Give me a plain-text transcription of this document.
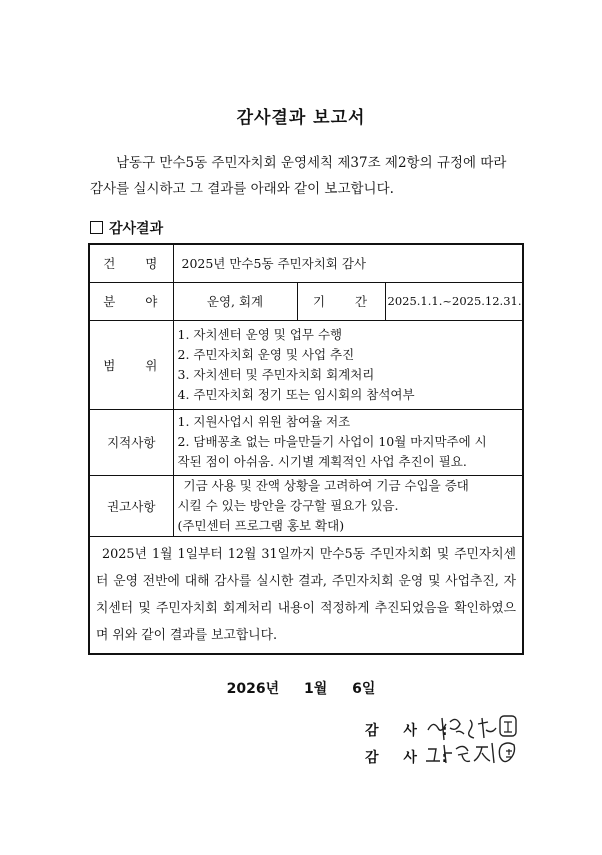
감사결과 보고서
남동구 만수5동 주민자치회 운영세칙 제37조 제2항의 규정에 따라
감사를 실시하고 그 결과를 아래와 같이 보고합니다.
감사결과
건 명	2025년 만수5동 주민자치회 감사		
분 야	운영, 회계	기 간	2025.1.1.~2025.12.31.
범 위	1. 자치센터 운영 및 업무 수행
2. 주민자치회 운영 및 사업 추진
3. 자치센터 및 주민자치회 회계처리
4. 주민자치회 정기 또는 임시회의 참석여부		

지적사항	1. 지원사업시 위원 참여율 저조
2. 담배꽁초 없는 마을만들기 사업이 10월 마지막주에 시
작된 점이 아쉬움. 시기별 계획적인 사업 추진이 필요.		

권고사항	기금 사용 및 잔액 상황을 고려하여 기금 수입을 증대
시킬 수 있는 방안을 강구할 필요가 있음.
(주민센터 프로그램 홍보 확대)		

2025년 1월 1일부터 12월 31일까지 만수5동 주민자치회 및 주민자치센터 운영 전반에 대해 감사를 실시한 결과, 주민자치회 운영 및 사업추진, 자치센터 및 주민자치회 회계처리 내용이 적정하게 추진되었음을 확인하였으며 위와 같이 결과를 보고합니다.			
2026년 1월 6일
감 사 :
감 사 :
